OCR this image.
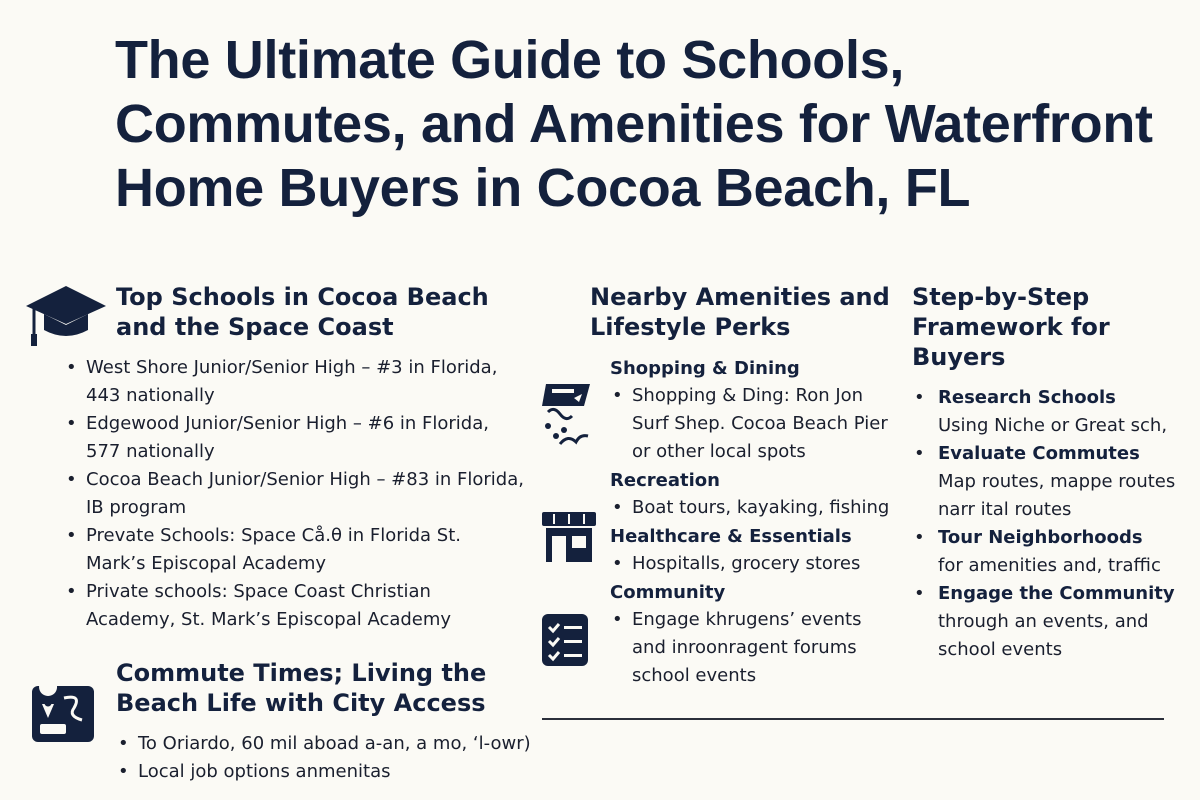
The Ultimate Guide to Schools, Commutes, and Amenities for Waterfront Home Buyers in Cocoa Beach, FL
Top Schools in Cocoa Beach and the Space Coast
• West Shore Junior/Senior High – #3 in Florida, 443 nationally
• Edgewood Junior/Senior High – #6 in Florida, 577 nationally
• Cocoa Beach Junior/Senior High – #83 in Florida, IB program
• Prevate Schools: Space Cå.θ in Florida St. Mark’s Episcopal Academy
• Private schools: Space Coast Christian Academy, St. Mark’s Episcopal Academy
Commute Times; Living the Beach Life with City Access
• To Oriardo, 60 mil aboad a-an, a mo, ‘l-owr)
• Local job options anmenitas
Nearby Amenities and Lifestyle Perks
Shopping & Dining
• Shopping & Ding: Ron Jon Surf Shep. Cocoa Beach Pier or other local spots
Recreation
• Boat tours, kayaking, fishing
Healthcare & Essentials
• Hospitalls, grocery stores
Community
• Engage khrugens’ events and inroonragent forums school events
Step-by-Step Framework for Buyers
• Research Schools
Using Niche or Great sch,
• Evaluate Commutes
Map routes, mappe routes narr ital routes
• Tour Neighborhoods
for amenities and, traffic
• Engage the Community
through an events, and school events
